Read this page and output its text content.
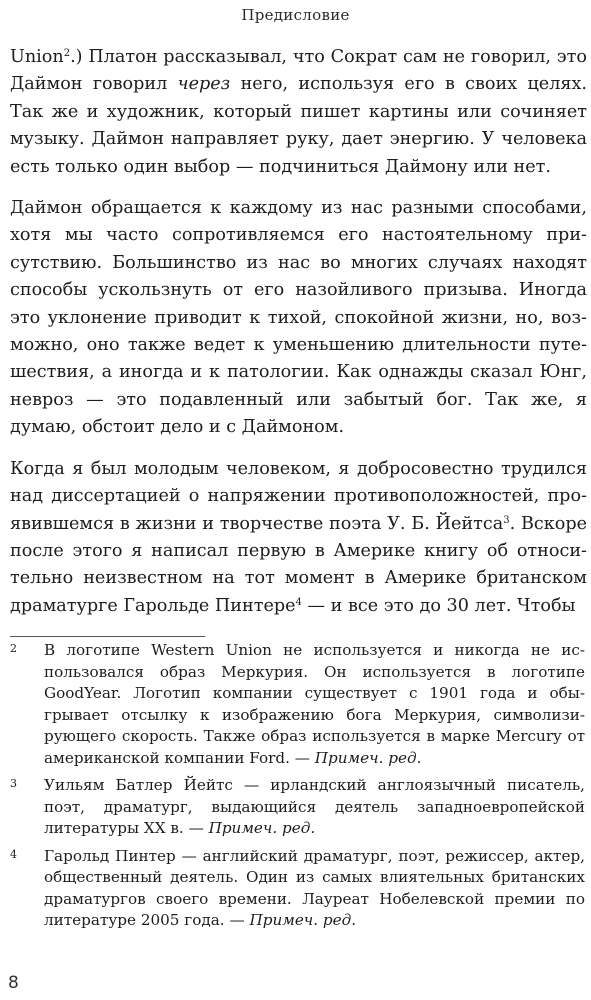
Предисловие

Union$^2$.) Платон рассказывал, что Сократ сам не говорил, это Даймон говорил через него, используя его в своих целях. Так же и художник, который пишет картины или сочиняет музыку. Даймон направляет руку, дает энергию. У человека есть только один выбор — подчиниться Даймону или нет.

Даймон обращается к каждому из нас разными способами, хотя мы часто сопротивляемся его настоятельному присутствию. Большинство из нас во многих случаях находят способы ускользнуть от его назойливого призыва. Иногда это уклонение приводит к тихой, спокойной жизни, но, возможно, оно также ведет к уменьшению длительности путешествия, а иногда и к патологии. Как однажды сказал Юнг, невроз — это подавленный или забытый бог. Так же, я думаю, обстоит дело и с Даймоном.

Когда я был молодым человеком, я добросовестно трудился над диссертацией о напряжении противоположностей, проявившемся в жизни и творчестве поэта У. Б. Йейтса$^3$. Вскоре после этого я написал первую в Америке книгу об относительно неизвестном на тот момент в Америке британском драматурге Гарольде Пинтере$^4$ — и все это до 30 лет. Чтобы

2	В логотипе Western Union не используется и никогда не использовался образ Меркурия. Он используется в логотипе GoodYear. Логотип компании существует с 1901 года и обыгрывает отсылку к изображению бога Меркурия, символизирующего скорость. Также образ используется в марке Mercury от американской компании Ford. — Примеч. ред.
3	Уильям Батлер Йейтс — ирландский англоязычный писатель, поэт, драматург, выдающийся деятель западноевропейской литературы XX в. — Примеч. ред.
4	Гарольд Пинтер — английский драматург, поэт, режиссер, актер, общественный деятель. Один из самых влиятельных британских драматургов своего времени. Лауреат Нобелевской премии по литературе 2005 года. — Примеч. ред.
8
